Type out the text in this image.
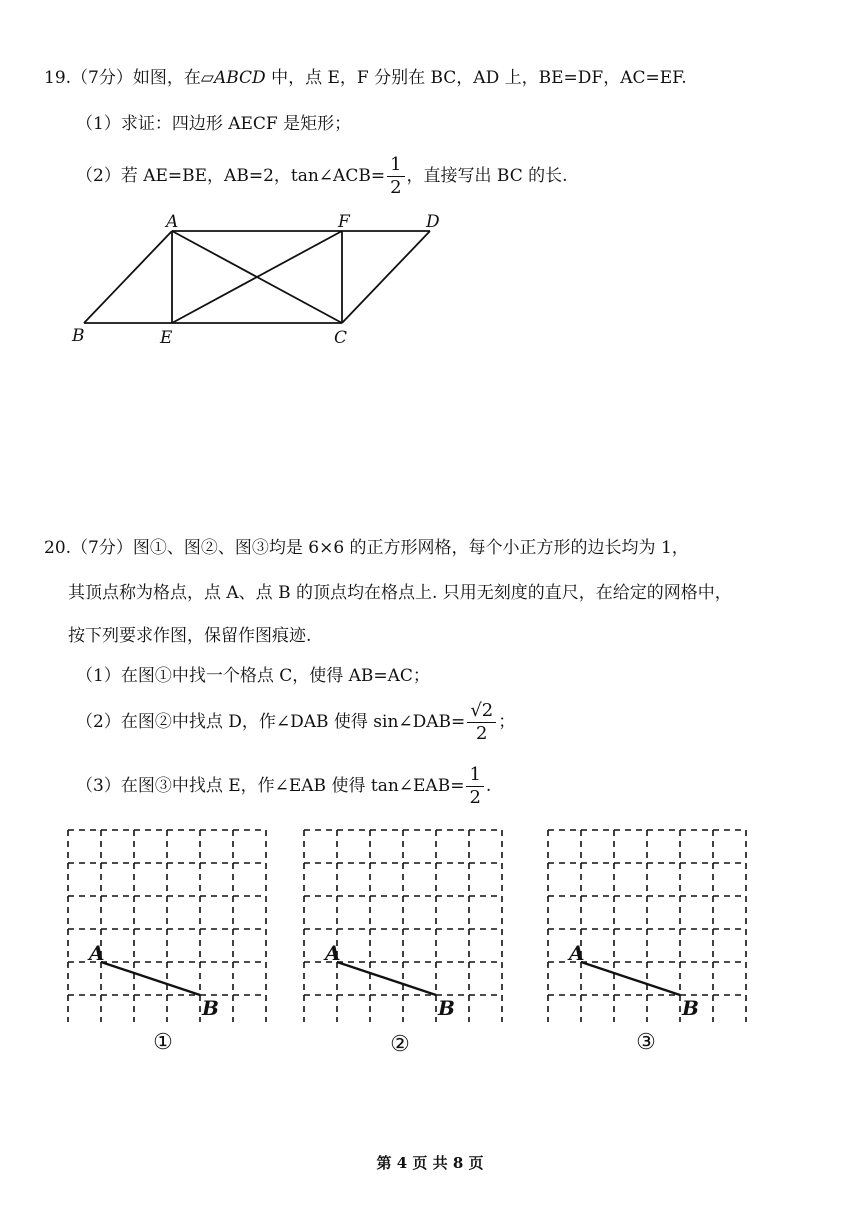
19.（7分）如图，在▱ABCD 中，点 E，F 分别在 BC，AD 上，BE=DF，AC=EF.
（1）求证：四边形 AECF 是矩形；
（2）若 AE=BE，AB=2，tan∠ACB= $\frac{1}{2}$ ，直接写出 BC 的长.
A	F	D
B	E	C
20.（7分）图①、图②、图③均是 6×6 的正方形网格，每个小正方形的边长均为 1，
其顶点称为格点，点 A、点 B 的顶点均在格点上. 只用无刻度的直尺，在给定的网格中，
按下列要求作图，保留作图痕迹.
（1）在图①中找一个格点 C，使得 AB=AC；
（2）在图②中找点 D，作∠DAB 使得 sin∠DAB= $\frac{√2}{2}$ ；
（3）在图③中找点 E，作∠EAB 使得 tan∠EAB= $\frac{1}{2}$ .
A
B
A
B
A
B
①	②	③
第 4 页 共 8 页
